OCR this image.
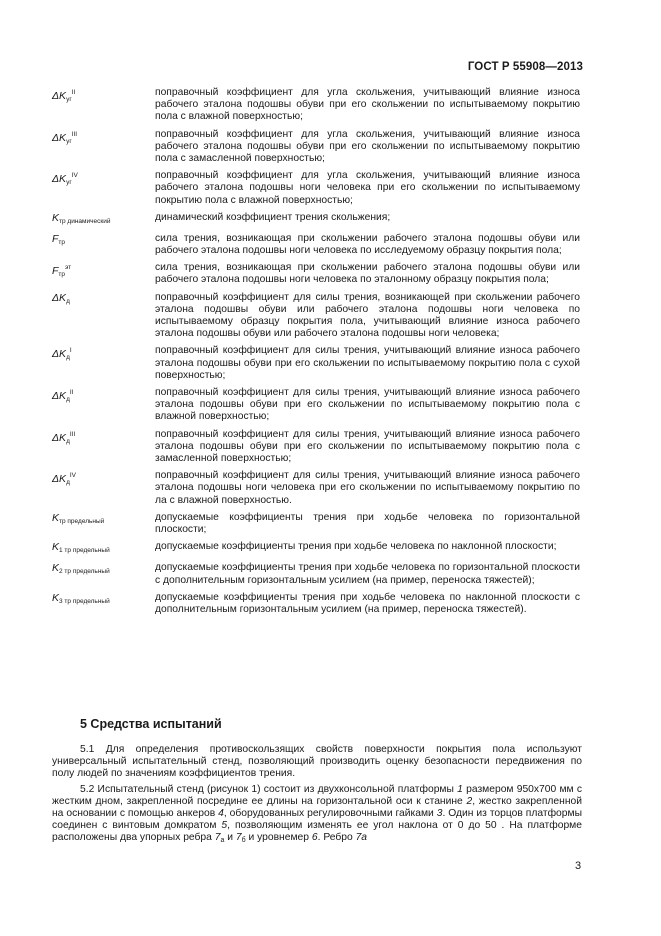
ГОСТ Р 55908—2013
$\Delta K_{уг}^{II}$	поправочный коэффициент для угла скольжения, учитывающий влияние износа рабочего эталона подошвы обуви при его скольжении по испытываемому покрытию пола с влажной поверхностью;
$\Delta K_{уг}^{III}$	поправочный коэффициент для угла скольжения, учитывающий влияние износа рабочего эталона подошвы обуви при его скольжении по испытываемому покрытию пола с замасленной поверхностью;
$\Delta K_{уг}^{IV}$	поправочный коэффициент для угла скольжения, учитывающий влияние износа рабочего эталона подошвы ноги человека при его скольжении по испытываемому покрытию пола с влажной поверхностью;
$K_{тр динамический}$	динамический коэффициент трения скольжения;
$F_{тр}$	сила трения, возникающая при скольжении рабочего эталона подошвы обуви или рабочего эталона подошвы ноги человека по исследуемому образцу покрытия пола;
$F_{тр}^{эт}$	сила трения, возникающая при скольжении рабочего эталона подошвы обуви или рабочего эталона подошвы ноги человека по эталонному образцу покрытия пола;
$\Delta K_д$	поправочный коэффициент для силы трения, возникающей при скольжении рабочего эталона подошвы обуви или рабочего эталона подошвы ноги человека по испытываемому образцу покрытия пола, учитывающий влияние износа рабочего эталона подошвы обуви или рабочего эталона подошвы ноги человека;
$\Delta K_д^I$	поправочный коэффициент для силы трения, учитывающий влияние износа рабочего эталона подошвы обуви при его скольжении по испытываемому покрытию пола с сухой поверхностью;
$\Delta K_д^{II}$	поправочный коэффициент для силы трения, учитывающий влияние износа рабочего эталона подошвы обуви при его скольжении по испытываемому покрытию пола с влажной поверхностью;
$\Delta K_д^{III}$	поправочный коэффициент для силы трения, учитывающий влияние износа рабочего эталона подошвы обуви при его скольжении по испытываемому покрытию пола с замасленной поверхностью;
$\Delta K_д^{IV}$	поправочный коэффициент для силы трения, учитывающий влияние износа рабочего эталона подошвы ноги человека при его скольжении по испытываемому покрытию по ла с влажной поверхностью.
$K_{тр предельный}$	допускаемые коэффициенты трения при ходьбе человека по горизонтальной плоскости;
$K_{1 тр предельный}$	допускаемые коэффициенты трения при ходьбе человека по наклонной плоскости;
$K_{2 тр предельный}$	допускаемые коэффициенты трения при ходьбе человека по горизонтальной плоскости с дополнительным горизонтальным усилием (на пример, переноска тяжестей);
$K_{3 тр предельный}$	допускаемые коэффициенты трения при ходьбе человека по наклонной плоскости с дополнительным горизонтальным усилием (на пример, переноска тяжестей).
5 Средства испытаний

5.1 Для определения противоскользящих свойств поверхности покрытия пола используют универсальный испытательный стенд, позволяющий производить оценку безопасности передвижения по полу людей по значениям коэффициентов трения.

5.2 Испытательный стенд (рисунок 1) состоит из двухконсольной платформы 1 размером 950х700 мм с жестким дном, закрепленной посредине ее длины на горизонтальной оси к станине 2, жестко закрепленной на основании с помощью анкеров 4, оборудованных регулировочными гайками 3. Один из торцов платформы соединен с винтовым домкратом 5, позволяющим изменять ее угол наклона от 0 до 50 . На платформе расположены два упорных ребра $7_а$ и $7_б$ и уровнемер 6. Ребро 7а

3
